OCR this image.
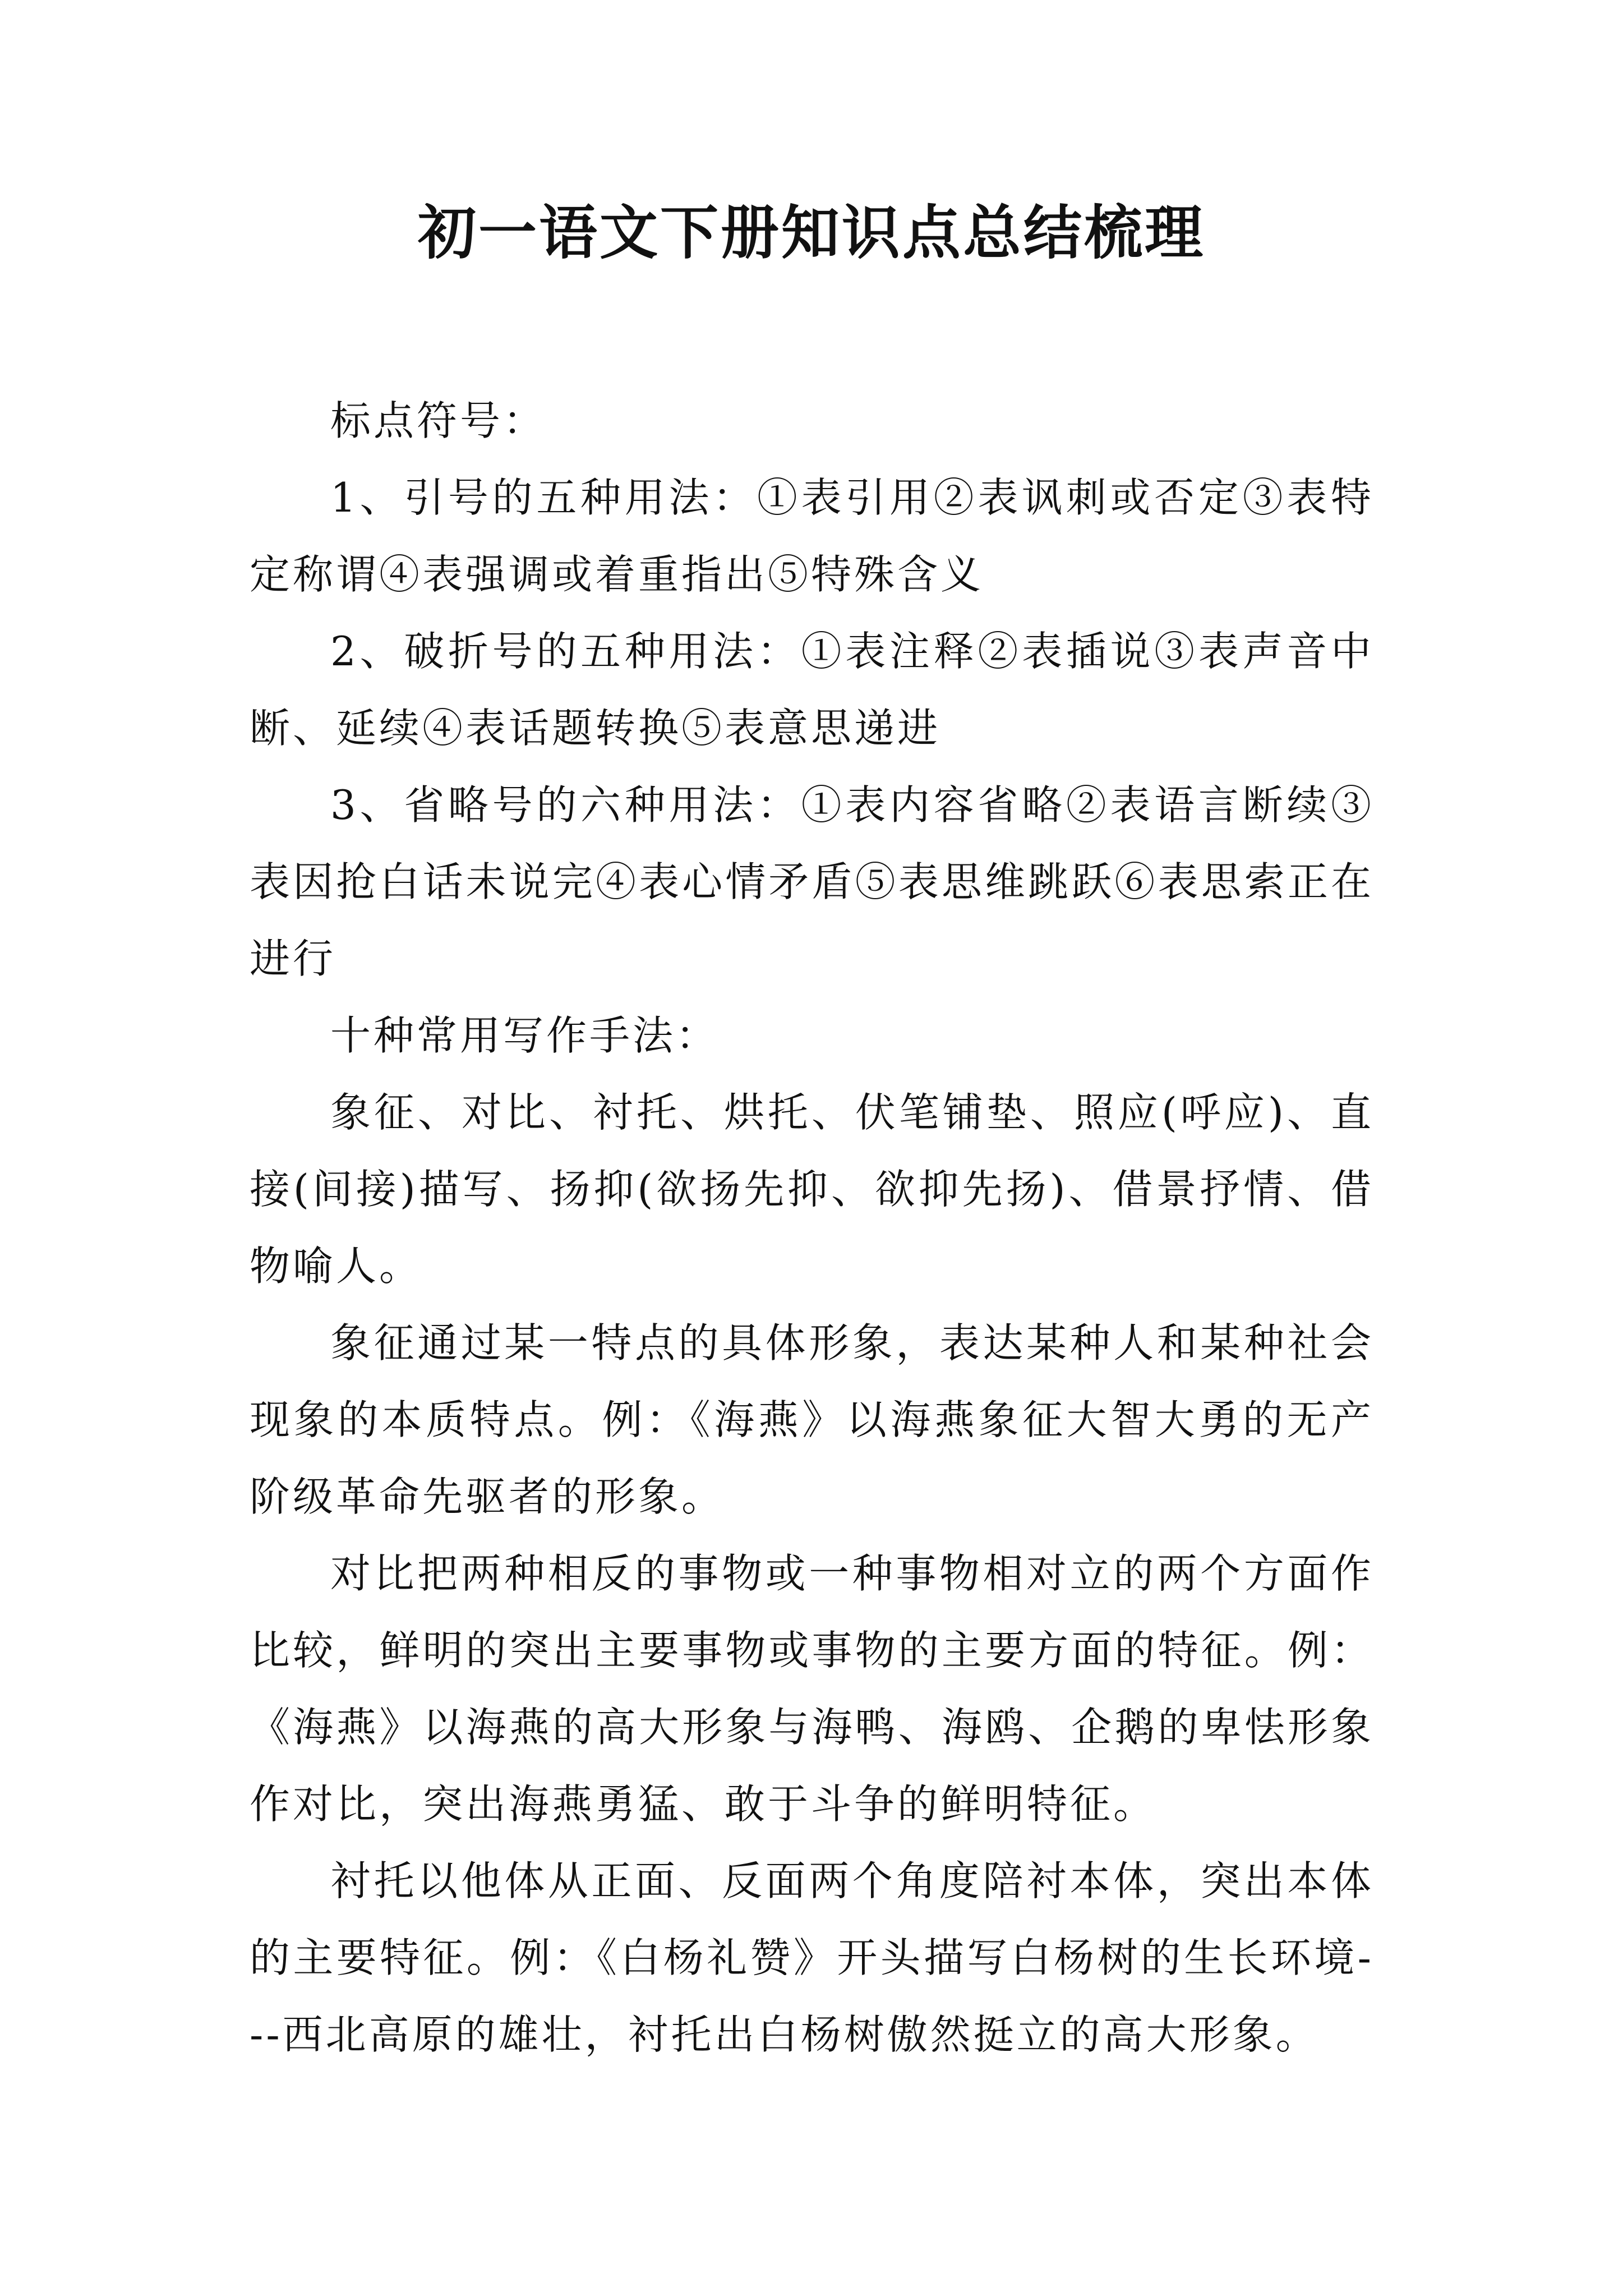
初一语文下册知识点总结梳理

标点符号：

1、引号的五种用法：①表引用②表讽刺或否定③表特定称谓④表强调或着重指出⑤特殊含义

2、破折号的五种用法：①表注释②表插说③表声音中断、延续④表话题转换⑤表意思递进

3、省略号的六种用法：①表内容省略②表语言断续③表因抢白话未说完④表心情矛盾⑤表思维跳跃⑥表思索正在进行

十种常用写作手法：

象征、对比、衬托、烘托、伏笔铺垫、照应(呼应)、直接(间接)描写、扬抑(欲扬先抑、欲抑先扬)、借景抒情、借物喻人。

象征通过某一特点的具体形象，表达某种人和某种社会现象的本质特点。例：《海燕》以海燕象征大智大勇的无产阶级革命先驱者的形象。

对比把两种相反的事物或一种事物相对立的两个方面作比较，鲜明的突出主要事物或事物的主要方面的特征。例：《海燕》以海燕的高大形象与海鸭、海鸥、企鹅的卑怯形象作对比，突出海燕勇猛、敢于斗争的鲜明特征。

衬托以他体从正面、反面两个角度陪衬本体，突出本体的主要特征。例：《白杨礼赞》开头描写白杨树的生长环境---西北高原的雄壮，衬托出白杨树傲然挺立的高大形象。
